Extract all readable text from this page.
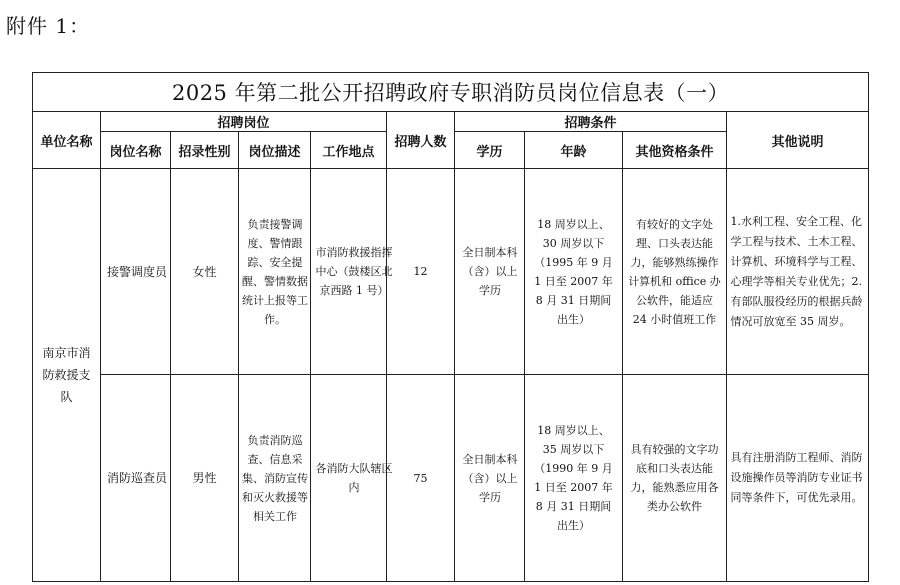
附件 1：
2025 年第二批公开招聘政府专职消防员岗位信息表（一）									
单位名称	招聘岗位				招聘人数	招聘条件			其他说明
	岗位名称	招录性别	岗位描述	工作地点		学历	年龄	其他资格条件	
南京市消防救援支队	接警调度员	女性	负责接警调度、警情跟踪、安全提醒、警情数据统计上报等工作。	市消防救援指挥中心（鼓楼区北京西路 1 号）	12	全日制本科（含）以上学历	18 周岁以上、30 周岁以下（1995 年 9 月 1 日至 2007 年 8 月 31 日期间出生）	有较好的文字处理、口头表达能力，能够熟练操作计算机和 office 办公软件，能适应 24 小时值班工作	1.水利工程、安全工程、化学工程与技术、土木工程、计算机、环境科学与工程、心理学等相关专业优先；2.有部队服役经历的根据兵龄情况可放宽至 35 周岁。
	消防巡查员	男性	负责消防巡查、信息采集、消防宣传和灭火救援等相关工作	各消防大队辖区内	75	全日制本科（含）以上学历	18 周岁以上、35 周岁以下（1990 年 9 月 1 日至 2007 年 8 月 31 日期间出生）	具有较强的文字功底和口头表达能力，能熟悉应用各类办公软件	具有注册消防工程师、消防设施操作员等消防专业证书同等条件下，可优先录用。
